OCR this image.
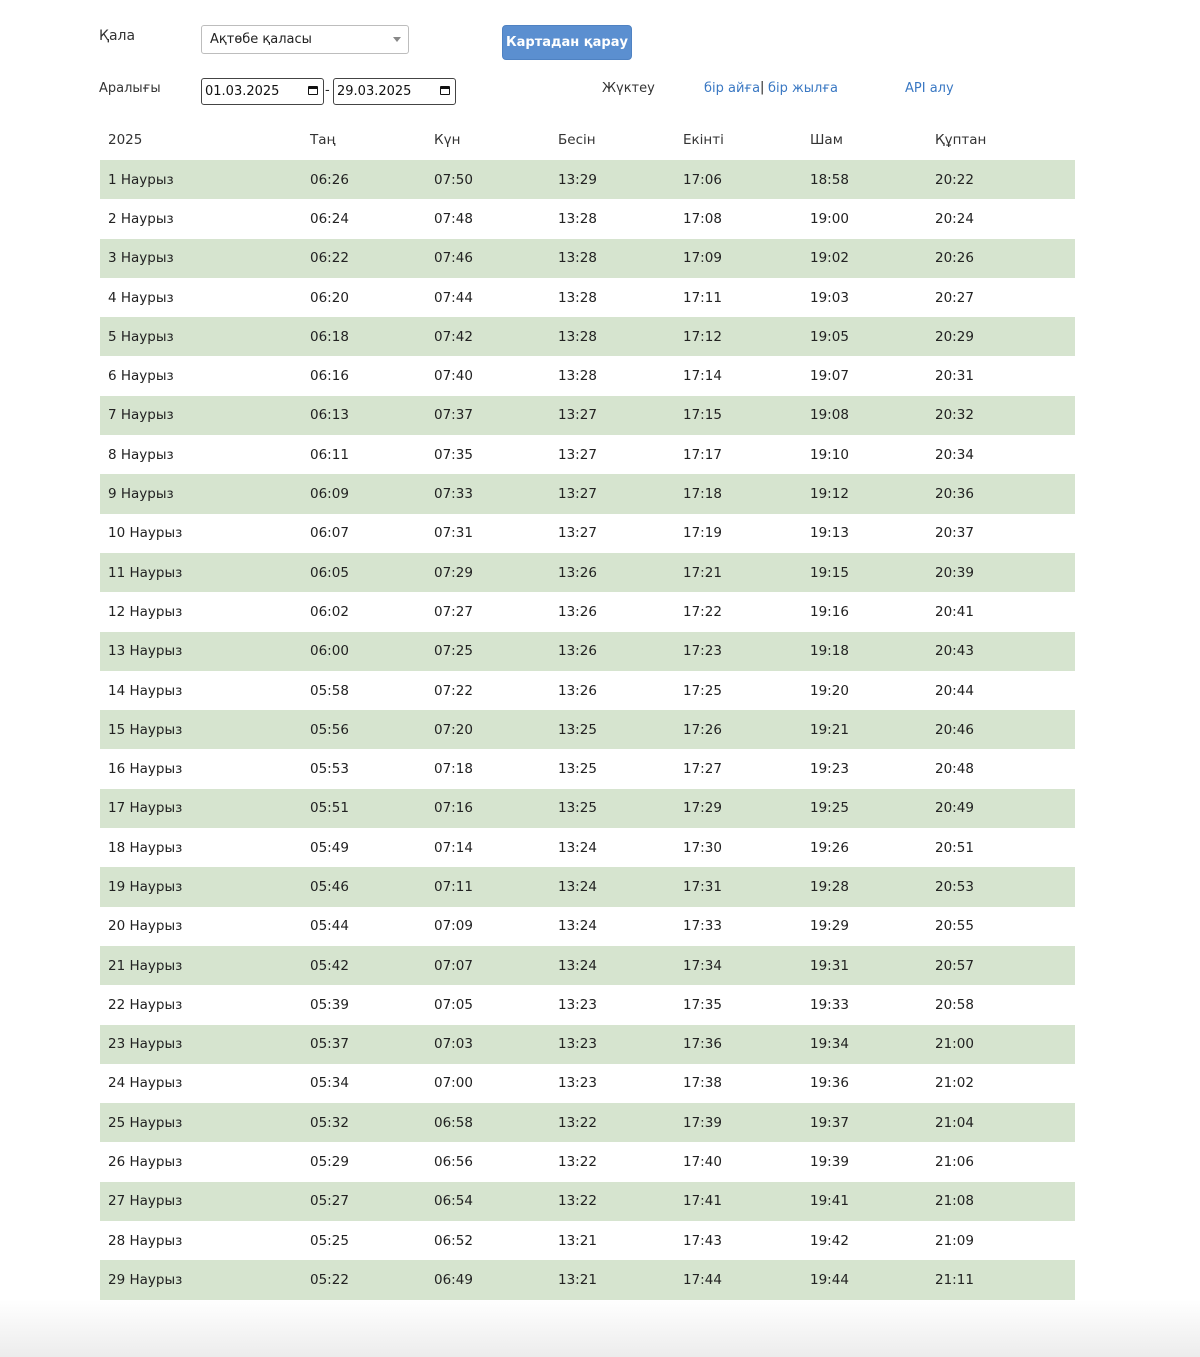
Қала	Ақтөбе қаласы	Картадан қарау
Аралығы	01.03.2025	- 29.03.2025	Жүктеу	бір айға | бір жылға	API алу
2025	Таң	Күн	Бесін	Екінті	Шам	Құптан
1 Наурыз	06:26	07:50	13:29	17:06	18:58	20:22
2 Наурыз	06:24	07:48	13:28	17:08	19:00	20:24
3 Наурыз	06:22	07:46	13:28	17:09	19:02	20:26
4 Наурыз	06:20	07:44	13:28	17:11	19:03	20:27
5 Наурыз	06:18	07:42	13:28	17:12	19:05	20:29
6 Наурыз	06:16	07:40	13:28	17:14	19:07	20:31
7 Наурыз	06:13	07:37	13:27	17:15	19:08	20:32
8 Наурыз	06:11	07:35	13:27	17:17	19:10	20:34
9 Наурыз	06:09	07:33	13:27	17:18	19:12	20:36
10 Наурыз	06:07	07:31	13:27	17:19	19:13	20:37
11 Наурыз	06:05	07:29	13:26	17:21	19:15	20:39
12 Наурыз	06:02	07:27	13:26	17:22	19:16	20:41
13 Наурыз	06:00	07:25	13:26	17:23	19:18	20:43
14 Наурыз	05:58	07:22	13:26	17:25	19:20	20:44
15 Наурыз	05:56	07:20	13:25	17:26	19:21	20:46
16 Наурыз	05:53	07:18	13:25	17:27	19:23	20:48
17 Наурыз	05:51	07:16	13:25	17:29	19:25	20:49
18 Наурыз	05:49	07:14	13:24	17:30	19:26	20:51
19 Наурыз	05:46	07:11	13:24	17:31	19:28	20:53
20 Наурыз	05:44	07:09	13:24	17:33	19:29	20:55
21 Наурыз	05:42	07:07	13:24	17:34	19:31	20:57
22 Наурыз	05:39	07:05	13:23	17:35	19:33	20:58
23 Наурыз	05:37	07:03	13:23	17:36	19:34	21:00
24 Наурыз	05:34	07:00	13:23	17:38	19:36	21:02
25 Наурыз	05:32	06:58	13:22	17:39	19:37	21:04
26 Наурыз	05:29	06:56	13:22	17:40	19:39	21:06
27 Наурыз	05:27	06:54	13:22	17:41	19:41	21:08
28 Наурыз	05:25	06:52	13:21	17:43	19:42	21:09
29 Наурыз	05:22	06:49	13:21	17:44	19:44	21:11
